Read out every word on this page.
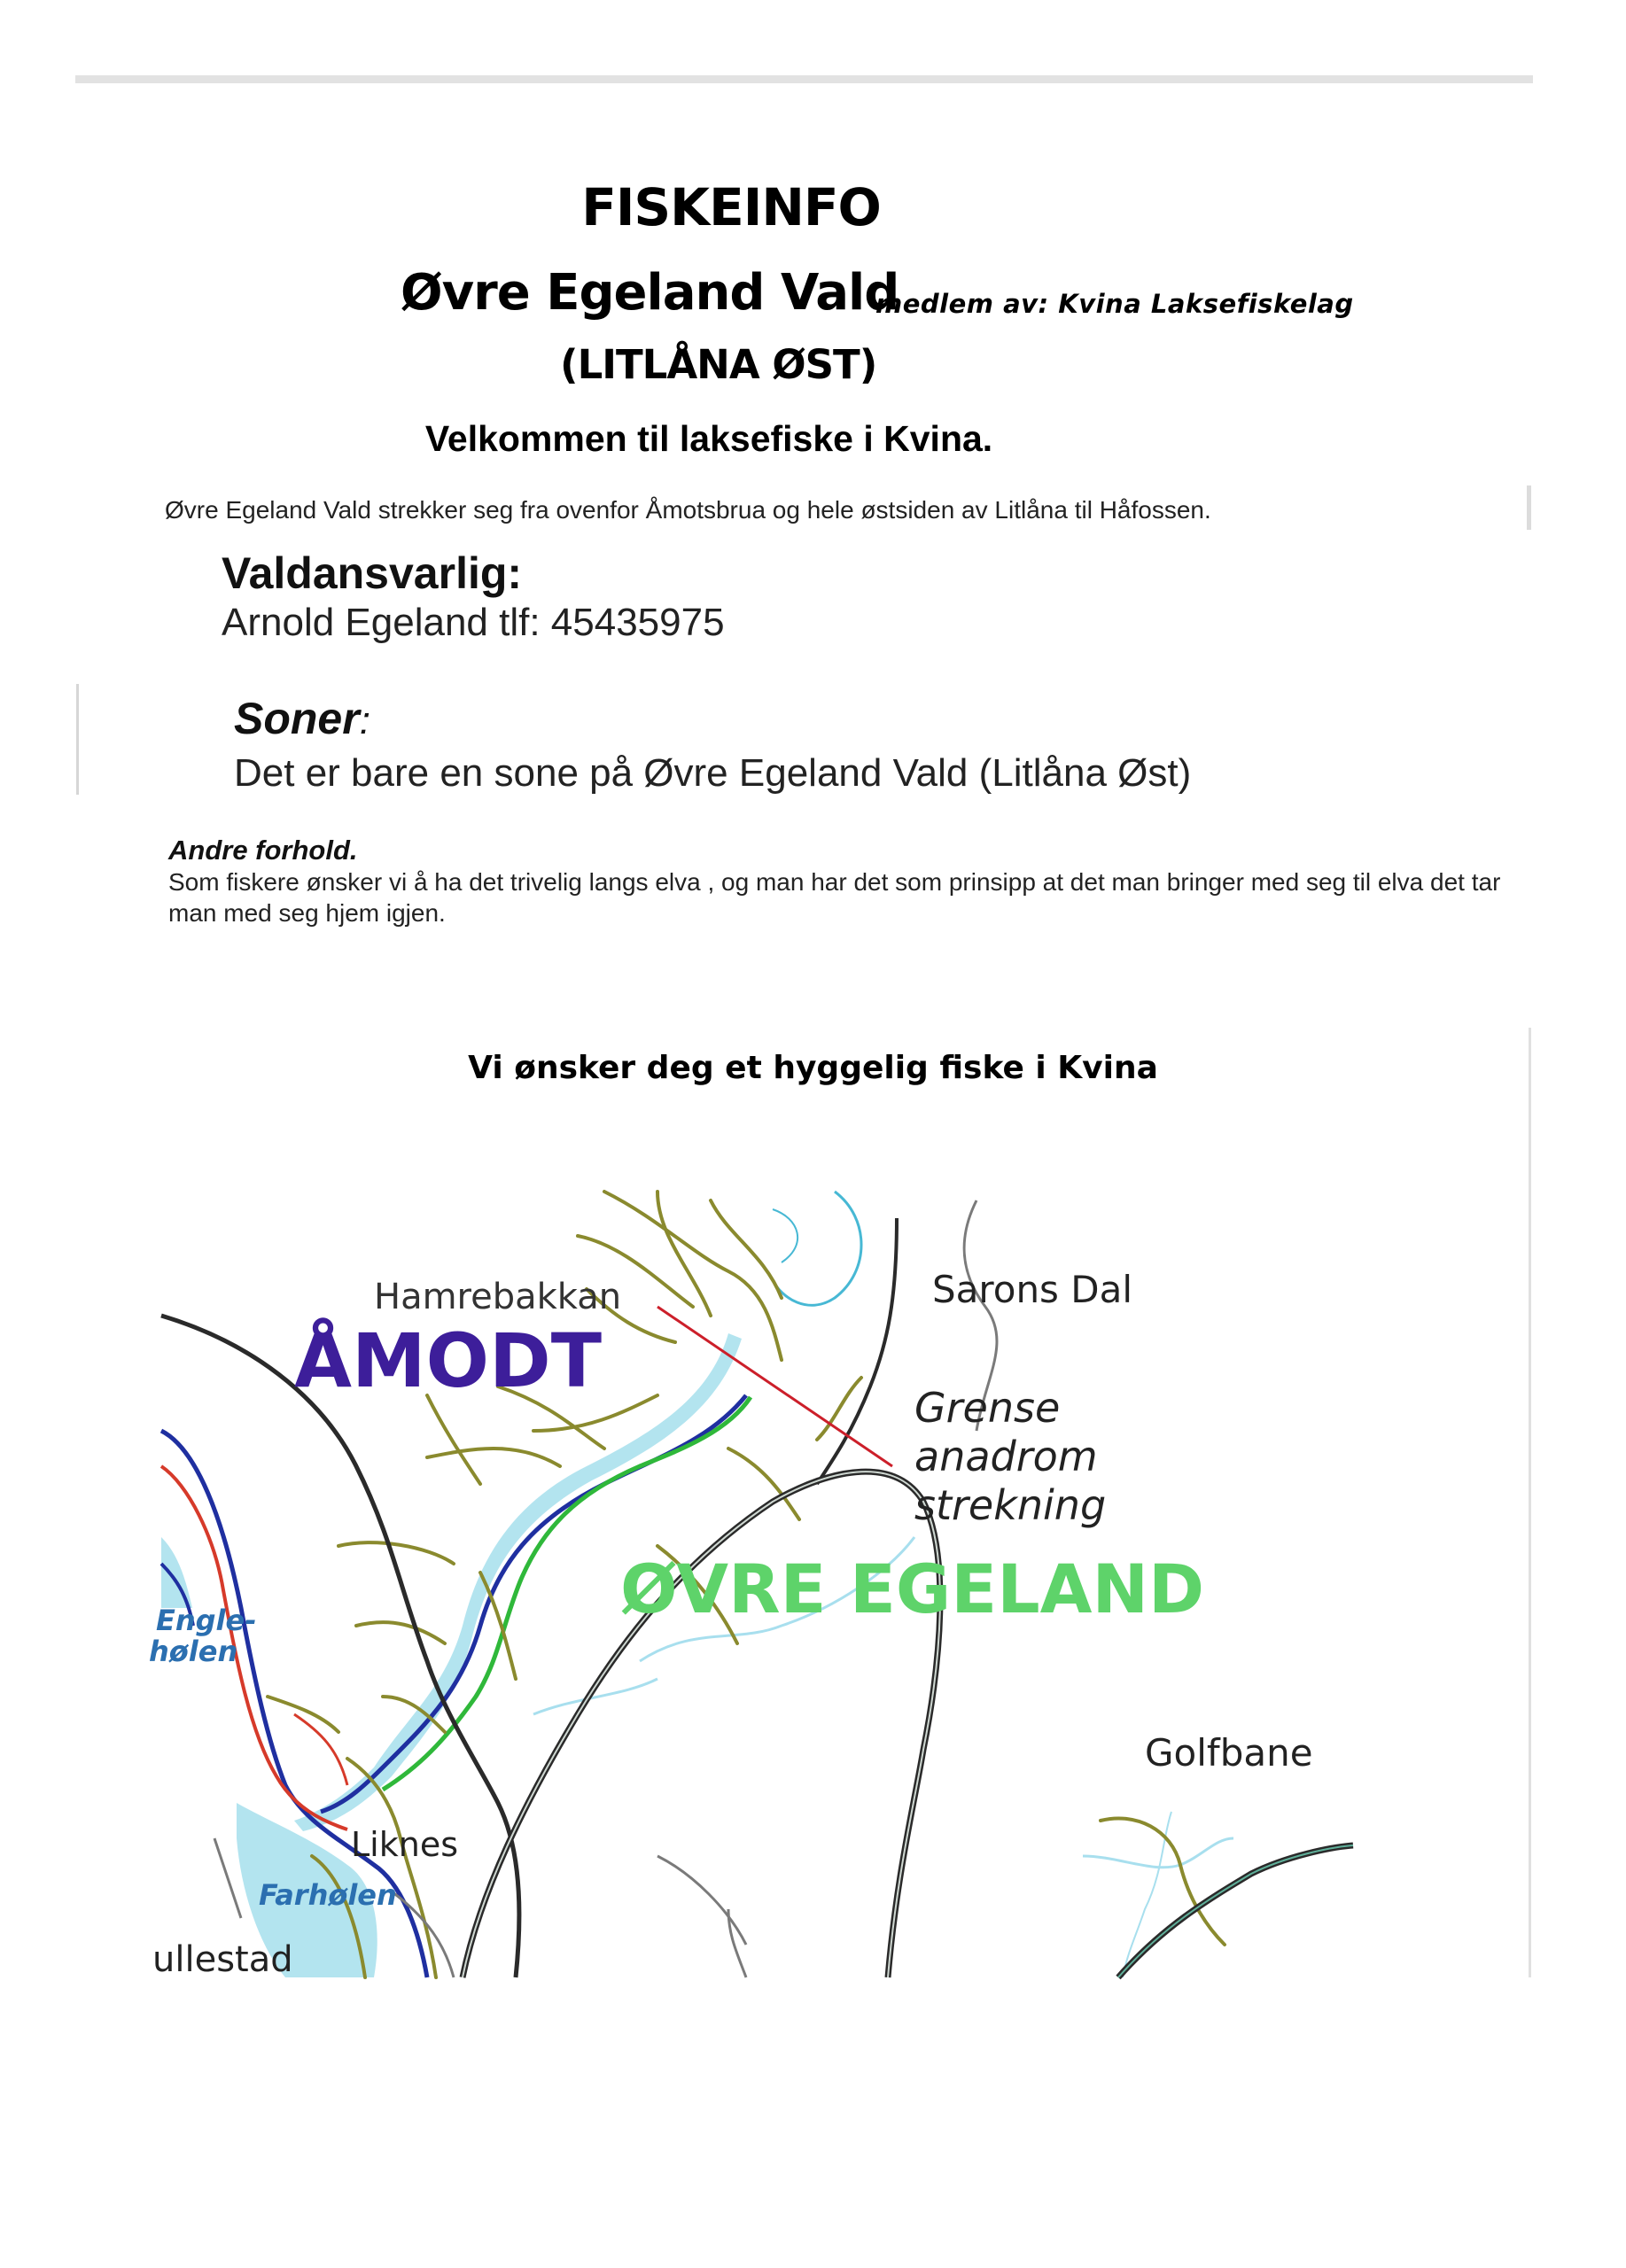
FISKEINFO
Øvre Egeland Vald
medlem av: Kvina Laksefiskelag
(LITLÅNA ØST)
Velkommen til laksefiske i Kvina.
Øvre Egeland Vald strekker seg fra ovenfor Åmotsbrua og hele østsiden av Litlåna til Håfossen.
Valdansvarlig:
Arnold Egeland tlf: 45435975
Soner:
Det er bare en sone på Øvre Egeland Vald (Litlåna Øst)
Andre forhold.
Som fiskere ønsker vi å ha det trivelig langs elva , og man har det som prinsipp at det man bringer med seg til elva det tar man med seg hjem igjen.
Vi ønsker deg et hyggelig fiske i Kvina
Hamrebakkan
ÅMODT
Sarons Dal
Grense
anadrom
strekning
ØVRE EGELAND
Engle-
hølen
Golfbane
Liknes
Farhølen
ullestad
